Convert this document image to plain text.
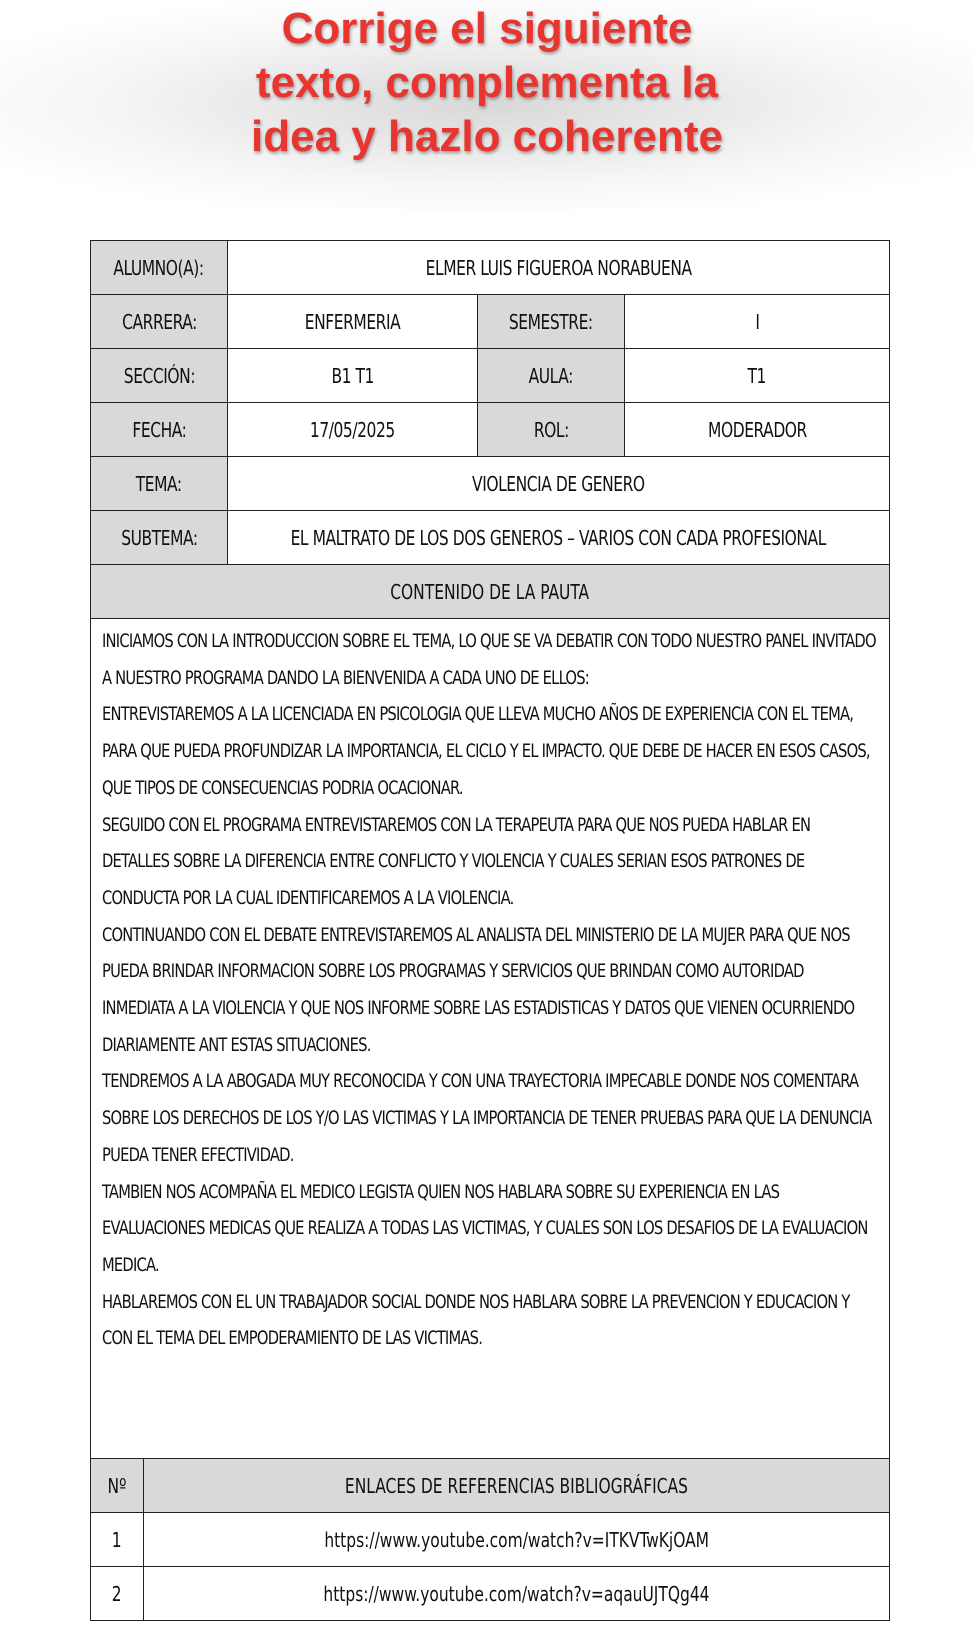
Corrige el siguiente
texto, complementa la
idea y hazlo coherente
ALUMNO(A):	ELMER LUIS FIGUEROA NORABUENA
CARRERA:	ENFERMERIA	SEMESTRE:	I
SECCIÓN:	B1 T1	AULA:	T1
FECHA:	17/05/2025	ROL:	MODERADOR
TEMA:	VIOLENCIA DE GENERO
SUBTEMA:	EL MALTRATO DE LOS DOS GENEROS – VARIOS CON CADA PROFESIONAL
CONTENIDO DE LA PAUTA

INICIAMOS CON LA INTRODUCCION SOBRE EL TEMA, LO QUE SE VA DEBATIR CON TODO NUESTRO PANEL INVITADO A NUESTRO PROGRAMA DANDO LA BIENVENIDA A CADA UNO DE ELLOS:

ENTREVISTAREMOS A LA LICENCIADA EN PSICOLOGIA QUE LLEVA MUCHO AÑOS DE EXPERIENCIA CON EL TEMA, PARA QUE PUEDA PROFUNDIZAR LA IMPORTANCIA, EL CICLO Y EL IMPACTO. QUE DEBE DE HACER EN ESOS CASOS, QUE TIPOS DE CONSECUENCIAS PODRIA OCACIONAR.

SEGUIDO CON EL PROGRAMA ENTREVISTAREMOS CON LA TERAPEUTA PARA QUE NOS PUEDA HABLAR EN DETALLES SOBRE LA DIFERENCIA ENTRE CONFLICTO Y VIOLENCIA Y CUALES SERIAN ESOS PATRONES DE CONDUCTA POR LA CUAL IDENTIFICAREMOS A LA VIOLENCIA.

CONTINUANDO CON EL DEBATE ENTREVISTAREMOS AL ANALISTA DEL MINISTERIO DE LA MUJER PARA QUE NOS PUEDA BRINDAR INFORMACION SOBRE LOS PROGRAMAS Y SERVICIOS QUE BRINDAN COMO AUTORIDAD INMEDIATA A LA VIOLENCIA Y QUE NOS INFORME SOBRE LAS ESTADISTICAS Y DATOS QUE VIENEN OCURRIENDO DIARIAMENTE ANT ESTAS SITUACIONES.

TENDREMOS A LA ABOGADA MUY RECONOCIDA Y CON UNA TRAYECTORIA IMPECABLE DONDE NOS COMENTARA SOBRE LOS DERECHOS DE LOS Y/O LAS VICTIMAS Y LA IMPORTANCIA DE TENER PRUEBAS PARA QUE LA DENUNCIA PUEDA TENER EFECTIVIDAD.

TAMBIEN NOS ACOMPAÑA EL MEDICO LEGISTA QUIEN NOS HABLARA SOBRE SU EXPERIENCIA EN LAS EVALUACIONES MEDICAS QUE REALIZA A TODAS LAS VICTIMAS, Y CUALES SON LOS DESAFIOS DE LA EVALUACION MEDICA.

HABLAREMOS CON EL UN TRABAJADOR SOCIAL DONDE NOS HABLARA SOBRE LA PREVENCION Y EDUCACION Y CON EL TEMA DEL EMPODERAMIENTO DE LAS VICTIMAS.

Nº	ENLACES DE REFERENCIAS BIBLIOGRÁFICAS
1	https://www.youtube.com/watch?v=ITKVTwKjOAM
2	https://www.youtube.com/watch?v=aqauUJTQg44
